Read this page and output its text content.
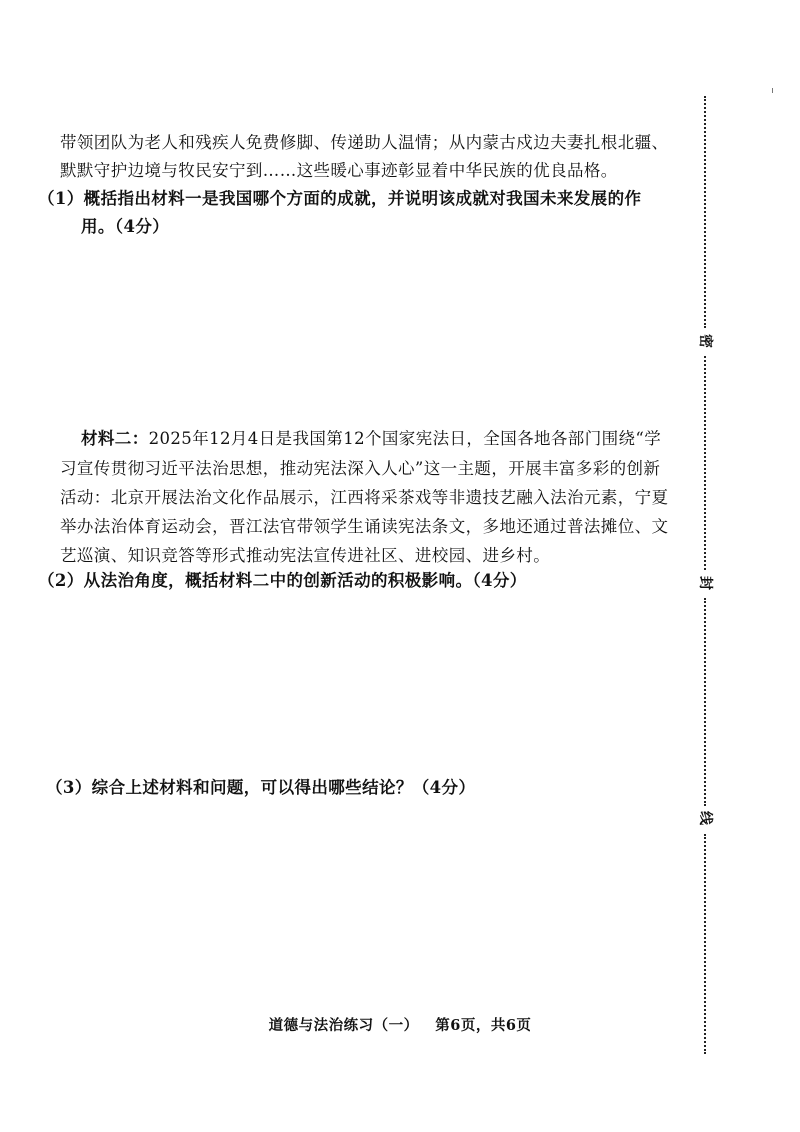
带领团队为老人和残疾人免费修脚、传递助人温情；从内蒙古戍边夫妻扎根北疆、
默默守护边境与牧民安宁到……这些暖心事迹彰显着中华民族的优良品格。
（1）概括指出材料一是我国哪个方面的成就，并说明该成就对我国未来发展的作
用。（4分）
材料二：2025年12月4日是我国第12个国家宪法日，全国各地各部门围绕“学
习宣传贯彻习近平法治思想，推动宪法深入人心”这一主题，开展丰富多彩的创新
活动：北京开展法治文化作品展示，江西将采茶戏等非遗技艺融入法治元素，宁夏
举办法治体育运动会，晋江法官带领学生诵读宪法条文，多地还通过普法摊位、文
艺巡演、知识竞答等形式推动宪法宣传进社区、进校园、进乡村。
（2）从法治角度，概括材料二中的创新活动的积极影响。（4分）
（3）综合上述材料和问题，可以得出哪些结论？（4分）
道德与法治练习（一） 第6页，共6页
密
封
线
